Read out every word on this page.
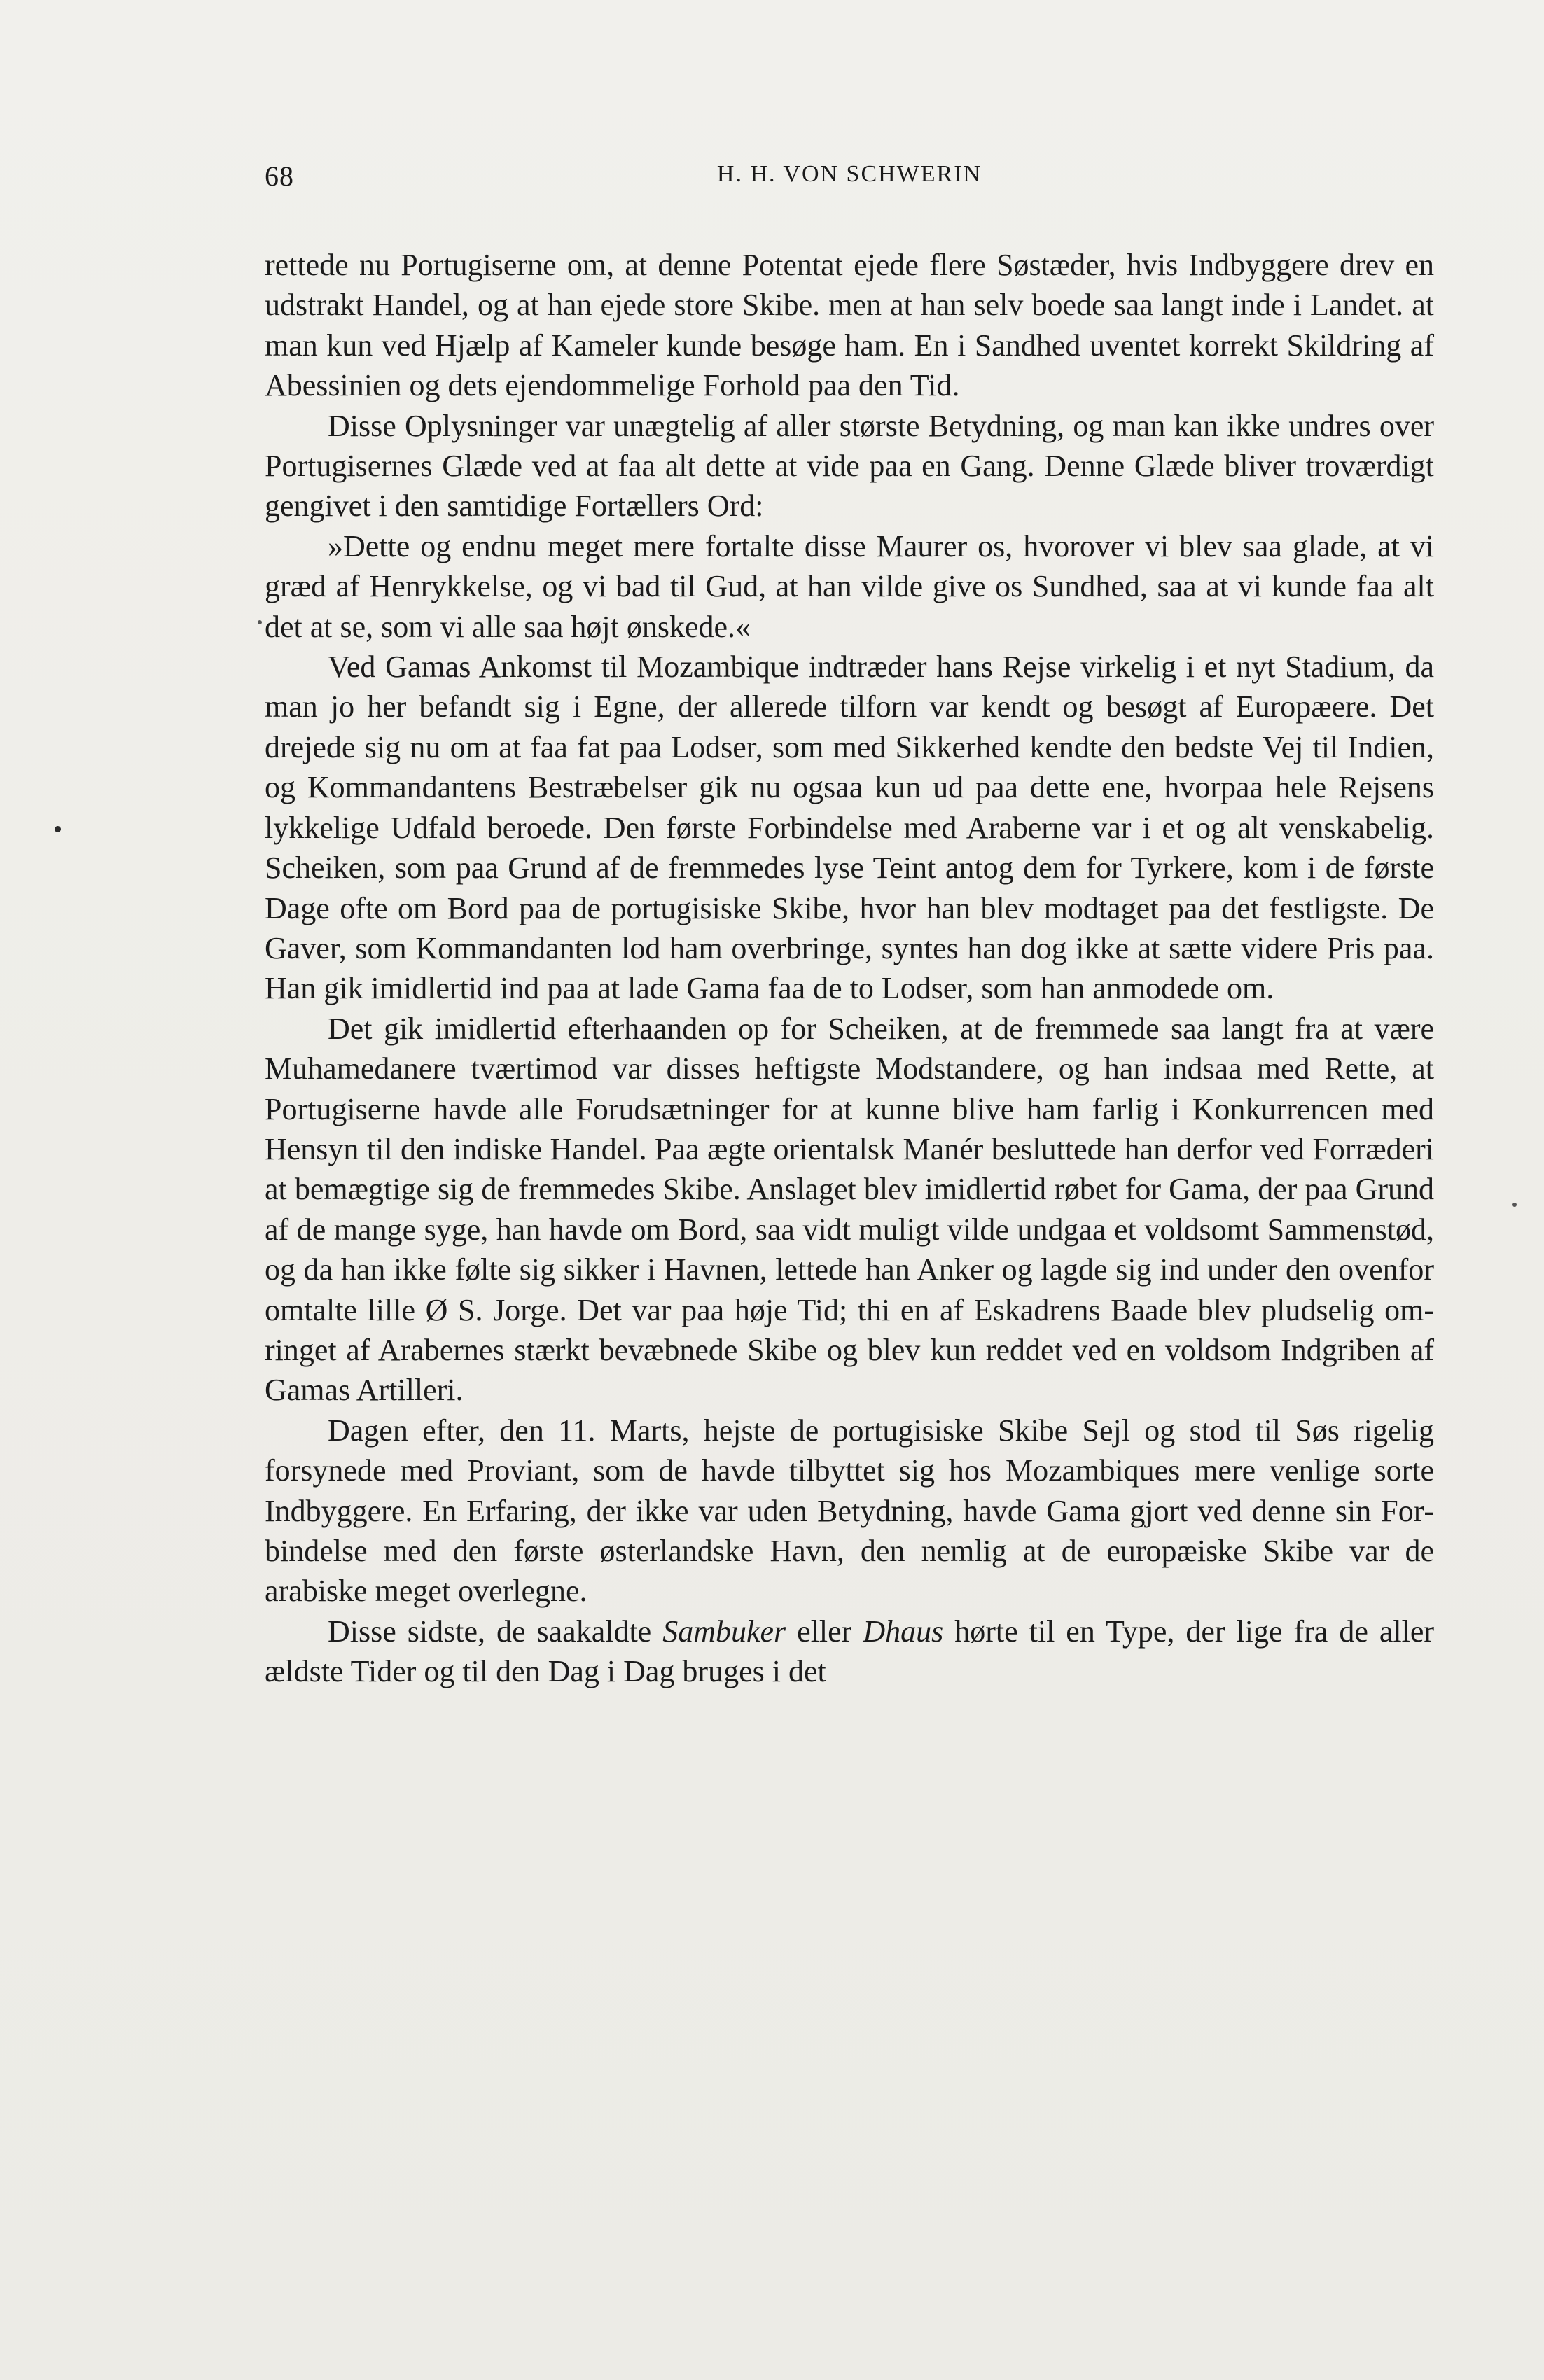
68	H. H. VON SCHWERIN

rettede nu Portugiserne om, at denne Potentat ejede flere Søstæder, hvis Indbyggere drev en udstrakt Handel, og at han ejede store Skibe. men at han selv boede saa langt inde i Landet. at man kun ved Hjælp af Kameler kunde besøge ham. En i Sandhed uventet korrekt Skildring af Abessinien og dets ejendommelige Forhold paa den Tid.

Disse Oplysninger var unægtelig af aller største Betydning, og man kan ikke undres over Portugisernes Glæde ved at faa alt dette at vide paa en Gang. Denne Glæde bliver troværdigt gengivet i den samtidige Fortællers Ord:

»Dette og endnu meget mere fortalte disse Maurer os, hvorover vi blev saa glade, at vi græd af Henrykkelse, og vi bad til Gud, at han vilde give os Sundhed, saa at vi kunde faa alt det at se, som vi alle saa højt ønskede.«

Ved Gamas Ankomst til Mozambique indtræder hans Rejse virkelig i et nyt Stadium, da man jo her befandt sig i Egne, der allerede tilforn var kendt og besøgt af Europæere. Det drejede sig nu om at faa fat paa Lodser, som med Sikkerhed kendte den bedste Vej til Indien, og Kommandantens Bestræbelser gik nu ogsaa kun ud paa dette ene, hvorpaa hele Rejsens lykkelige Udfald beroede. Den første Forbindelse med Araberne var i et og alt venskabelig. Scheiken, som paa Grund af de fremmedes lyse Teint antog dem for Tyrkere, kom i de første Dage ofte om Bord paa de portugisiske Skibe, hvor han blev modtaget paa det festligste. De Gaver, som Kommandanten lod ham overbringe, syntes han dog ikke at sætte videre Pris paa. Han gik imidlertid ind paa at lade Gama faa de to Lodser, som han anmodede om.

Det gik imidlertid efterhaanden op for Scheiken, at de fremmede saa langt fra at være Muhamedanere tværtimod var disses heftigste Modstandere, og han indsaa med Rette, at Portugiserne havde alle Forudsætninger for at kunne blive ham farlig i Konkurrencen med Hensyn til den indiske Handel. Paa ægte orientalsk Manér besluttede han derfor ved Forræderi at bemægtige sig de fremmedes Skibe. Anslaget blev imidlertid røbet for Gama, der paa Grund af de mange syge, han havde om Bord, saa vidt muligt vilde undgaa et voldsomt Sammenstød, og da han ikke følte sig sikker i Havnen, lettede han Anker og lagde sig ind under den ovenfor omtalte lille Ø S. Jorge. Det var paa høje Tid; thi en af Eskadrens Baade blev pludselig omringet af Arabernes stærkt bevæbnede Skibe og blev kun reddet ved en voldsom Indgriben af Gamas Artilleri.

Dagen efter, den 11. Marts, hejste de portugisiske Skibe Sejl og stod til Søs rigelig forsynede med Proviant, som de havde tilbyttet sig hos Mozambiques mere venlige sorte Indbyggere. En Erfaring, der ikke var uden Betydning, havde Gama gjort ved denne sin Forbindelse med den første østerlandske Havn, den nemlig at de europæiske Skibe var de arabiske meget overlegne.

Disse sidste, de saakaldte Sambuker eller Dhaus hørte til en Type, der lige fra de aller ældste Tider og til den Dag i Dag bruges i det
